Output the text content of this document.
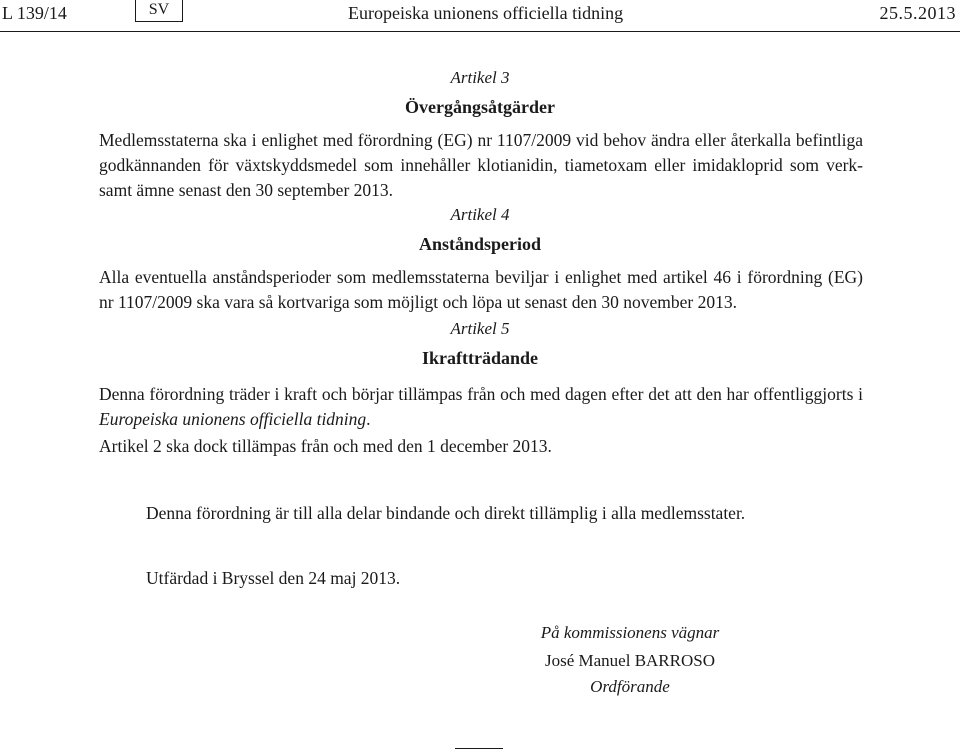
L 139/14	SV	Europeiska unionens officiella tidning	25.5.2013
Artikel 3
Övergångsåtgärder
Medlemsstaterna ska i enlighet med förordning (EG) nr 1107/2009 vid behov ändra eller återkalla befintliga godkännanden för växtskyddsmedel som innehåller klotianidin, tiametoxam eller imidakloprid som verksamt ämne senast den 30 september 2013.
Artikel 4
Anståndsperiod
Alla eventuella anståndsperioder som medlemsstaterna beviljar i enlighet med artikel 46 i förordning (EG) nr 1107/2009 ska vara så kortvariga som möjligt och löpa ut senast den 30 november 2013.
Artikel 5
Ikraftträdande
Denna förordning träder i kraft och börjar tillämpas från och med dagen efter det att den har offentliggjorts i Europeiska unionens officiella tidning.
Artikel 2 ska dock tillämpas från och med den 1 december 2013.
Denna förordning är till alla delar bindande och direkt tillämplig i alla medlemsstater.
Utfärdad i Bryssel den 24 maj 2013.
På kommissionens vägnar
José Manuel BARROSO
Ordförande
